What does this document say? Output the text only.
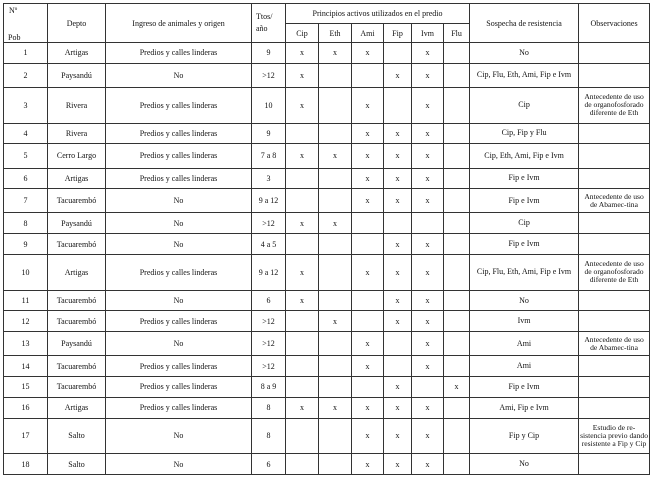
Nº
Pob	Depto	Ingreso de animales y origen	Ttos/
año	Principios activos utilizados en el predio						Sospecha de resistencia	Observaciones
				Cip	Eth	Ami	Fip	Ivm	Flu		
1	Artigas	Predios y calles linderas	9	x	x	x		x		No	
2	Paysandú	No	>12	x			x	x		Cip, Flu, Eth, Ami, Fip e Ivm	
3	Rivera	Predios y calles linderas	10	x		x		x		Cip	Antecedente de uso de organofosforado diferente de Eth
4	Rivera	Predios y calles linderas	9			x	x	x		Cip, Fip y Flu	
5	Cerro Largo	Predios y calles linderas	7 a 8	x	x	x	x	x		Cip, Eth, Ami, Fip e Ivm	
6	Artigas	Predios y calles linderas	3			x	x	x		Fip e Ivm	
7	Tacuarembó	No	9 a 12			x	x	x		Fip e Ivm	Antecedente de uso de Abamec-tina
8	Paysandú	No	>12	x	x					Cip	
9	Tacuarembó	No	4 a 5				x	x		Fip e Ivm	
10	Artigas	Predios y calles linderas	9 a 12	x		x	x	x		Cip, Flu, Eth, Ami, Fip e Ivm	Antecedente de uso de organofosforado diferente de Eth
11	Tacuarembó	No	6	x			x	x		No	
12	Tacuarembó	Predios y calles linderas	>12		x		x	x		Ivm	
13	Paysandú	No	>12			x		x		Ami	Antecedente de uso de Abamec-tina
14	Tacuarembó	Predios y calles linderas	>12			x		x		Ami	
15	Tacuarembó	Predios y calles linderas	8 a 9				x		x	Fip e Ivm	
16	Artigas	Predios y calles linderas	8	x	x	x	x	x		Ami, Fip e Ivm	
17	Salto	No	8			x	x	x		Fip y Cip	Estudio de re-sistencia previo dando resistente a Fip y Cip
18	Salto	No	6			x	x	x		No	
